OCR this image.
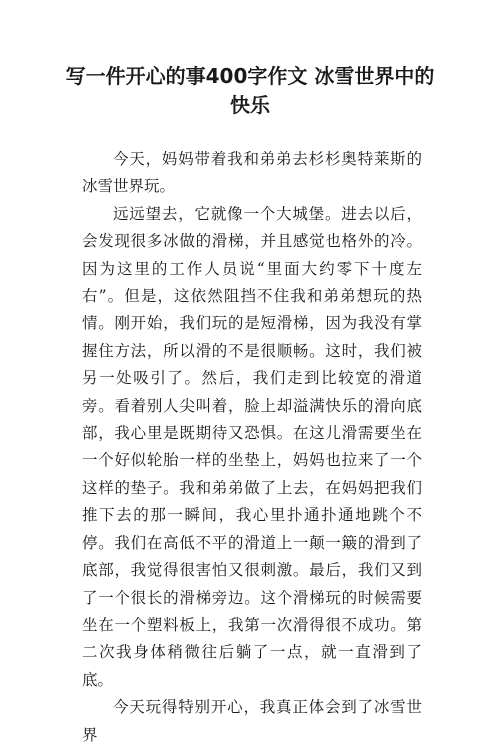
写一件开心的事400字作文 冰雪世界中的快乐

今天，妈妈带着我和弟弟去杉杉奥特莱斯的冰雪世界玩。

远远望去，它就像一个大城堡。进去以后，会发现很多冰做的滑梯，并且感觉也格外的冷。因为这里的工作人员说“里面大约零下十度左右”。但是，这依然阻挡不住我和弟弟想玩的热情。刚开始，我们玩的是短滑梯，因为我没有掌握住方法，所以滑的不是很顺畅。这时，我们被另一处吸引了。然后，我们走到比较宽的滑道旁。看着别人尖叫着，脸上却溢满快乐的滑向底部，我心里是既期待又恐惧。在这儿滑需要坐在一个好似轮胎一样的坐垫上，妈妈也拉来了一个这样的垫子。我和弟弟做了上去，在妈妈把我们推下去的那一瞬间，我心里扑通扑通地跳个不停。我们在高低不平的滑道上一颠一簸的滑到了底部，我觉得很害怕又很刺激。最后，我们又到了一个很长的滑梯旁边。这个滑梯玩的时候需要坐在一个塑料板上，我第一次滑得很不成功。第二次我身体稍微往后躺了一点，就一直滑到了底。

今天玩得特别开心，我真正体会到了冰雪世界
